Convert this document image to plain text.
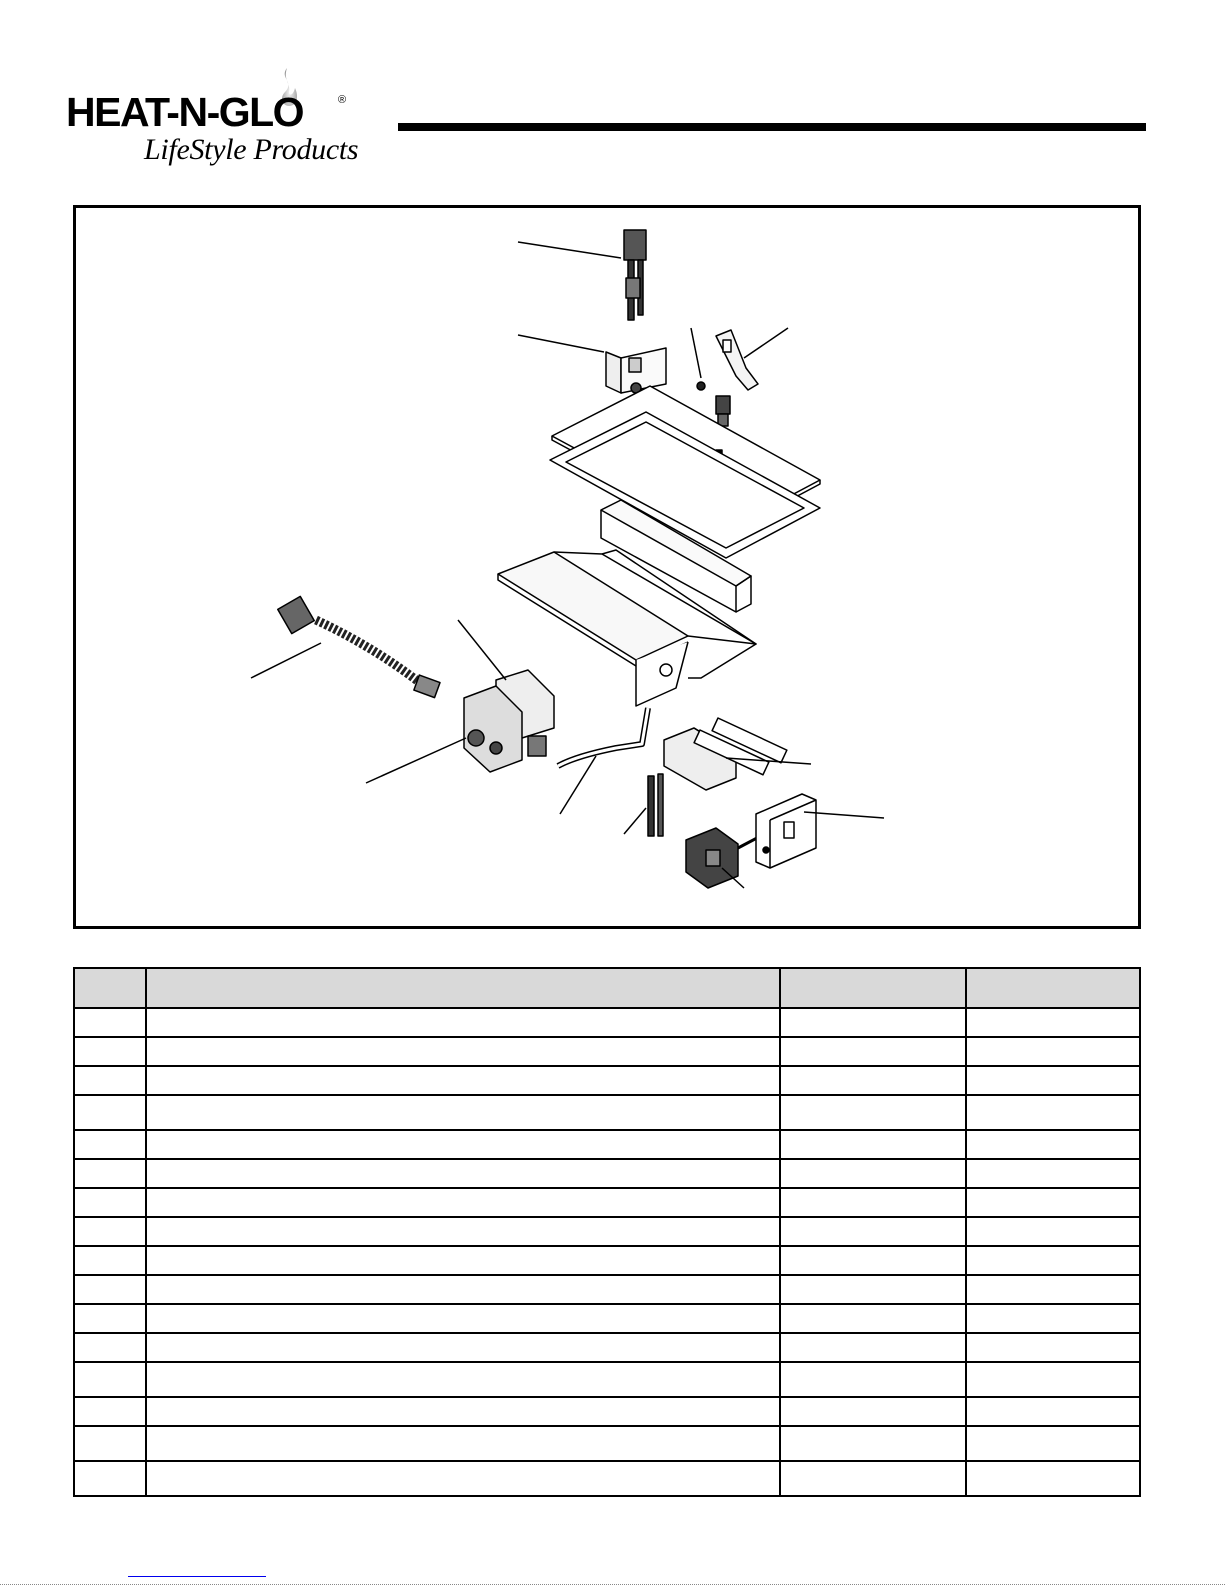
HEAT-N-GLO	®
LifeStyle Products
